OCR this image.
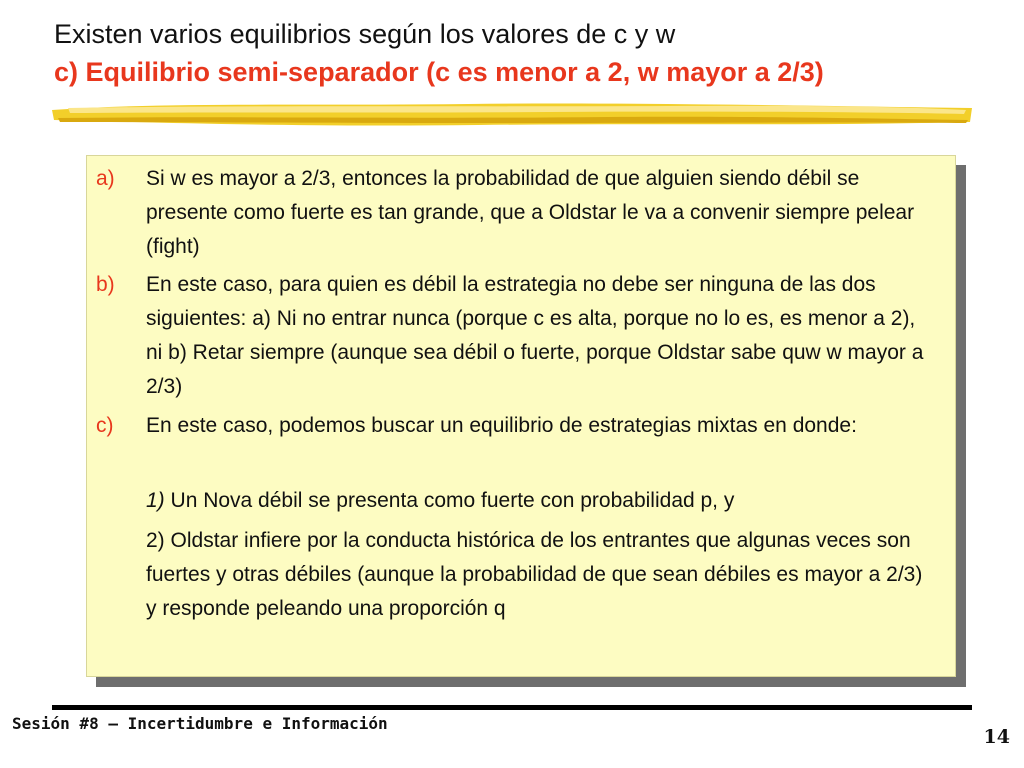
Existen varios equilibrios según los valores de c y w
c) Equilibrio semi-separador (c es menor a 2, w mayor a 2/3)
a) Si w es mayor a 2/3, entonces la probabilidad de que alguien siendo débil se presente como fuerte es tan grande, que a Oldstar le va a convenir siempre pelear (fight)
b) En este caso, para quien es débil la estrategia no debe ser ninguna de las dos siguientes: a) Ni no entrar nunca (porque c es alta, porque no lo es, es menor a 2), ni b) Retar siempre (aunque sea débil o fuerte, porque Oldstar sabe quw w mayor a 2/3)
c) En este caso, podemos buscar un equilibrio de estrategias mixtas en donde:
1) Un Nova débil se presenta como fuerte con probabilidad p, y
2) Oldstar infiere por la conducta histórica de los entrantes que algunas veces son fuertes y otras débiles (aunque la probabilidad de que sean débiles es mayor a 2/3) y responde peleando una proporción q
Sesión #8 – Incertidumbre e Información
14
